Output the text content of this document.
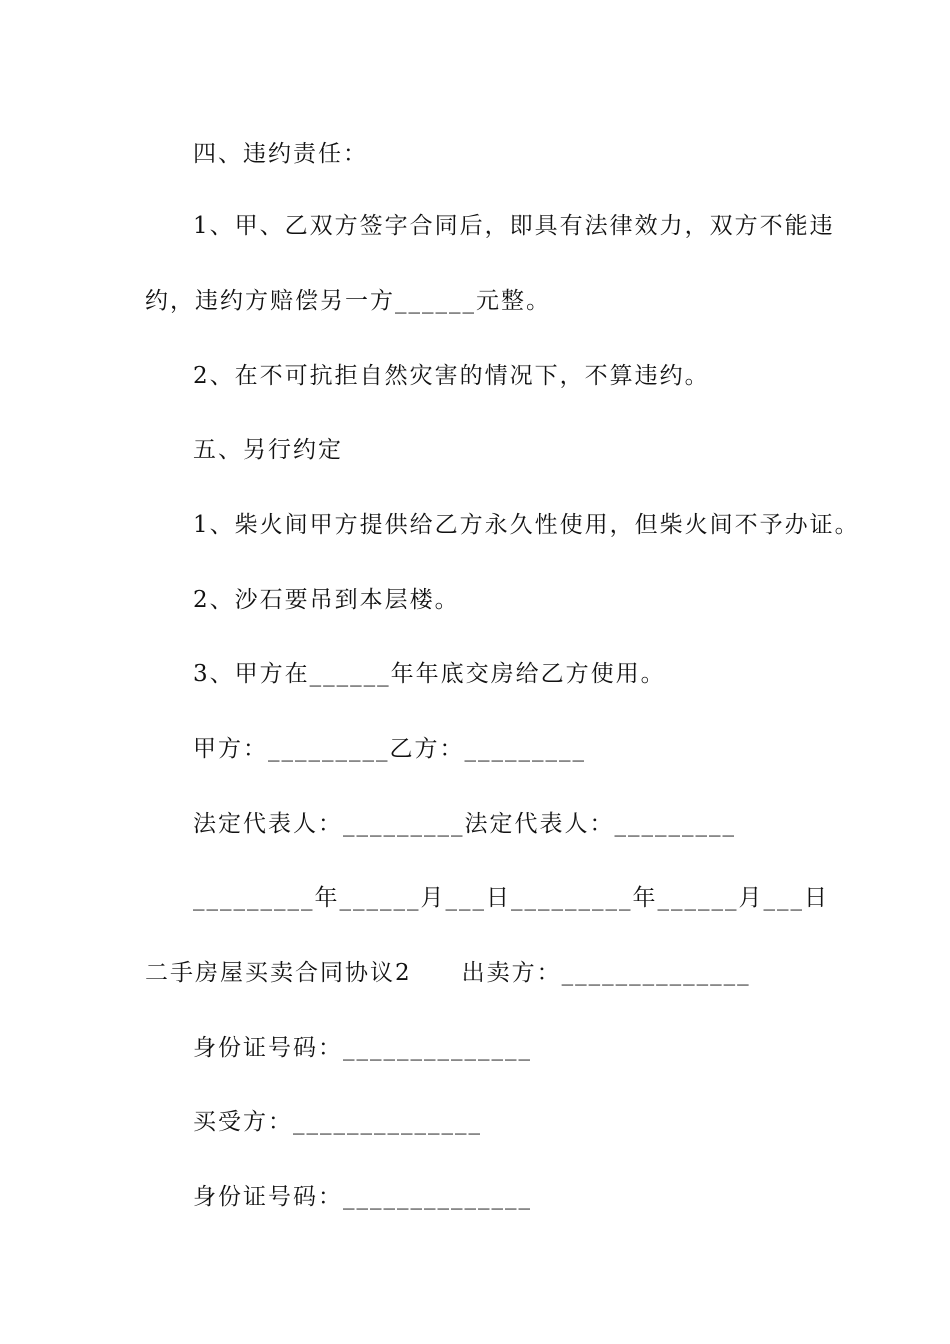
四、违约责任：

1、甲、乙双方签字合同后，即具有法律效力，双方不能违

约，违约方赔偿另一方______元整。

2、在不可抗拒自然灾害的情况下，不算违约。

五、另行约定

1、柴火间甲方提供给乙方永久性使用，但柴火间不予办证。

2、沙石要吊到本层楼。

3、甲方在______年年底交房给乙方使用。

甲方：_________乙方：_________

法定代表人：_________法定代表人：_________

_________年______月___日_________年______月___日

二手房屋买卖合同协议2　　出卖方：______________

身份证号码：______________

买受方：______________

身份证号码：______________
